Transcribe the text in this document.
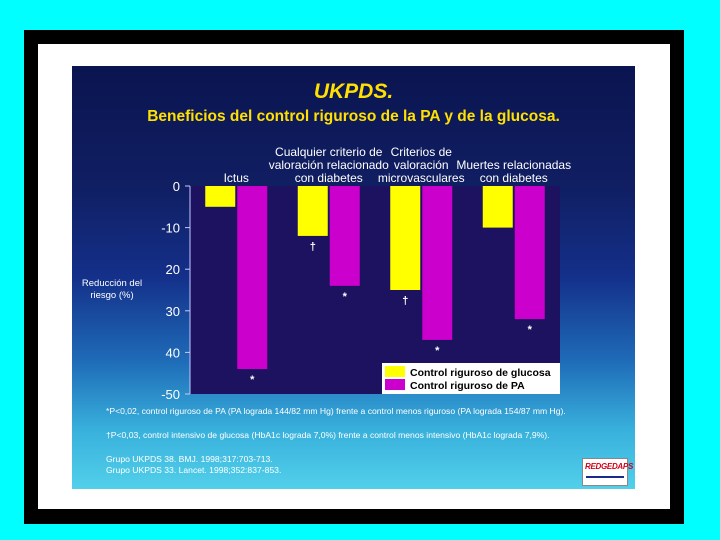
UKPDS.
Beneficios del control riguroso de la PA y de la glucosa.
0
-10
20
30
40
-50
Reducción del
riesgo (%)
*
Ictus
†
*
Cualquier criterio de
valoración relacionado
con diabetes
†
*
Criterios de
valoración
microvasculares
*
Muertes relacionadas
con diabetes
Control riguroso de glucosa
Control riguroso de PA
*P<0,02, control riguroso de PA (PA lograda 144/82 mm Hg) frente a control menos riguroso (PA lograda 154/87 mm Hg).
†P<0,03, control intensivo de glucosa (HbA1c lograda 7,0%) frente a control menos intensivo (HbA1c lograda 7,9%).
Grupo UKPDS 38. BMJ. 1998;317:703-713.
Grupo UKPDS 33. Lancet. 1998;352:837-853.	REDGEDAPS
